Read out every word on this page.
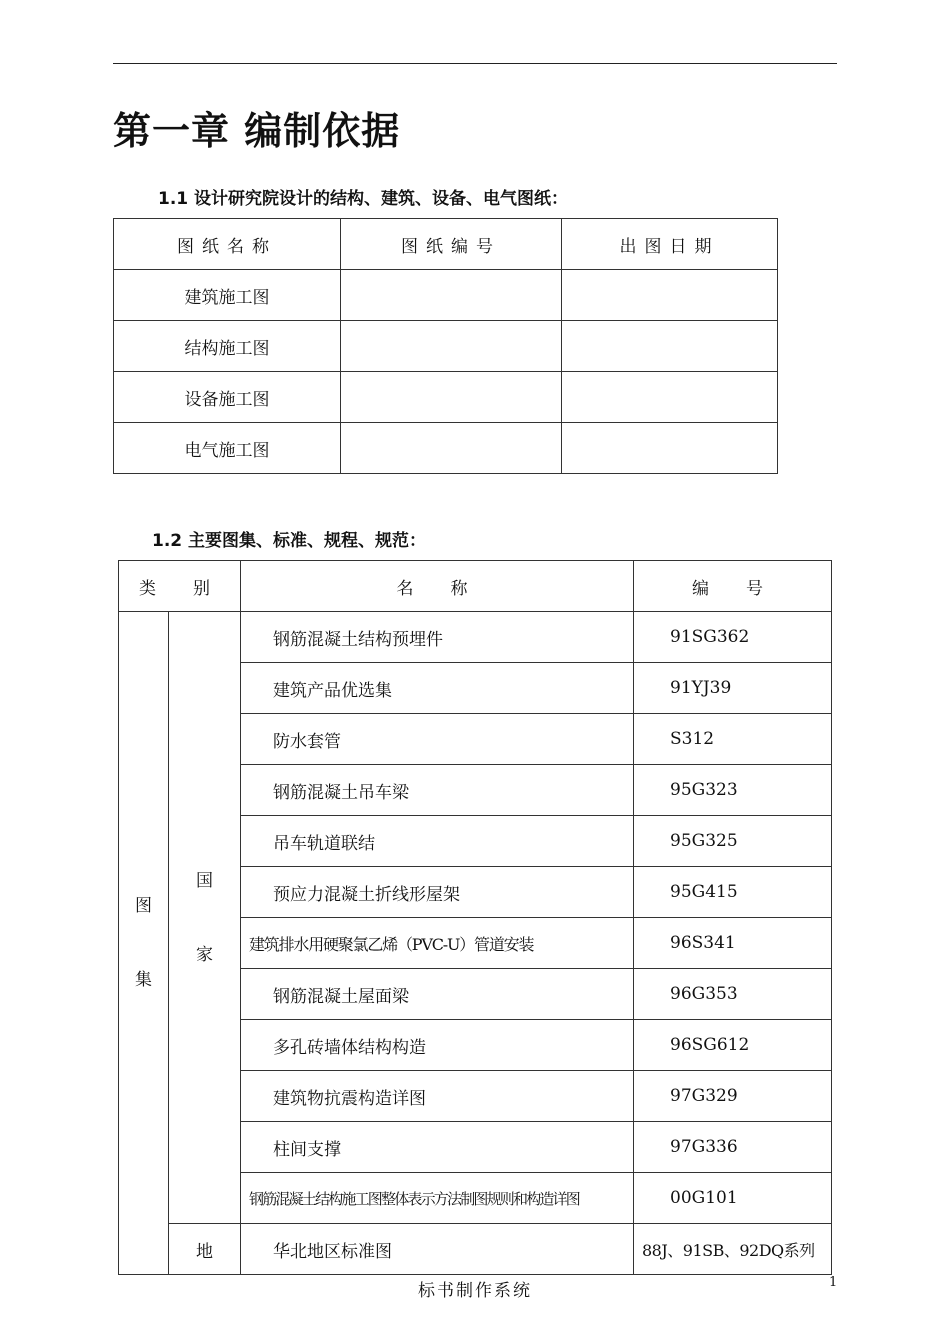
第一章 编制依据

1.1 设计研究院设计的结构、建筑、设备、电气图纸：

图纸名称	图纸编号	出图日期
建筑施工图		
结构施工图		
设备施工图		
电气施工图		

1.2 主要图集、标准、规程、规范：

类　别		名　称	编　号

图集	国家	钢筋混凝土结构预埋件	91SG362
		建筑产品优选集	91YJ39
		防水套管	S312
		钢筋混凝土吊车梁	95G323
		吊车轨道联结	95G325
		预应力混凝土折线形屋架	95G415
		建筑排水用硬聚氯乙烯（PVC-U）管道安装	96S341
		钢筋混凝土屋面梁	96G353
		多孔砖墙体结构构造	96SG612
		建筑物抗震构造详图	97G329
		柱间支撑	97G336
		钢筋混凝土结构施工图整体表示方法制图规则和构造详图	00G101
	地	华北地区标准图	88J、91SB、92DQ系列
标书制作系统	1
